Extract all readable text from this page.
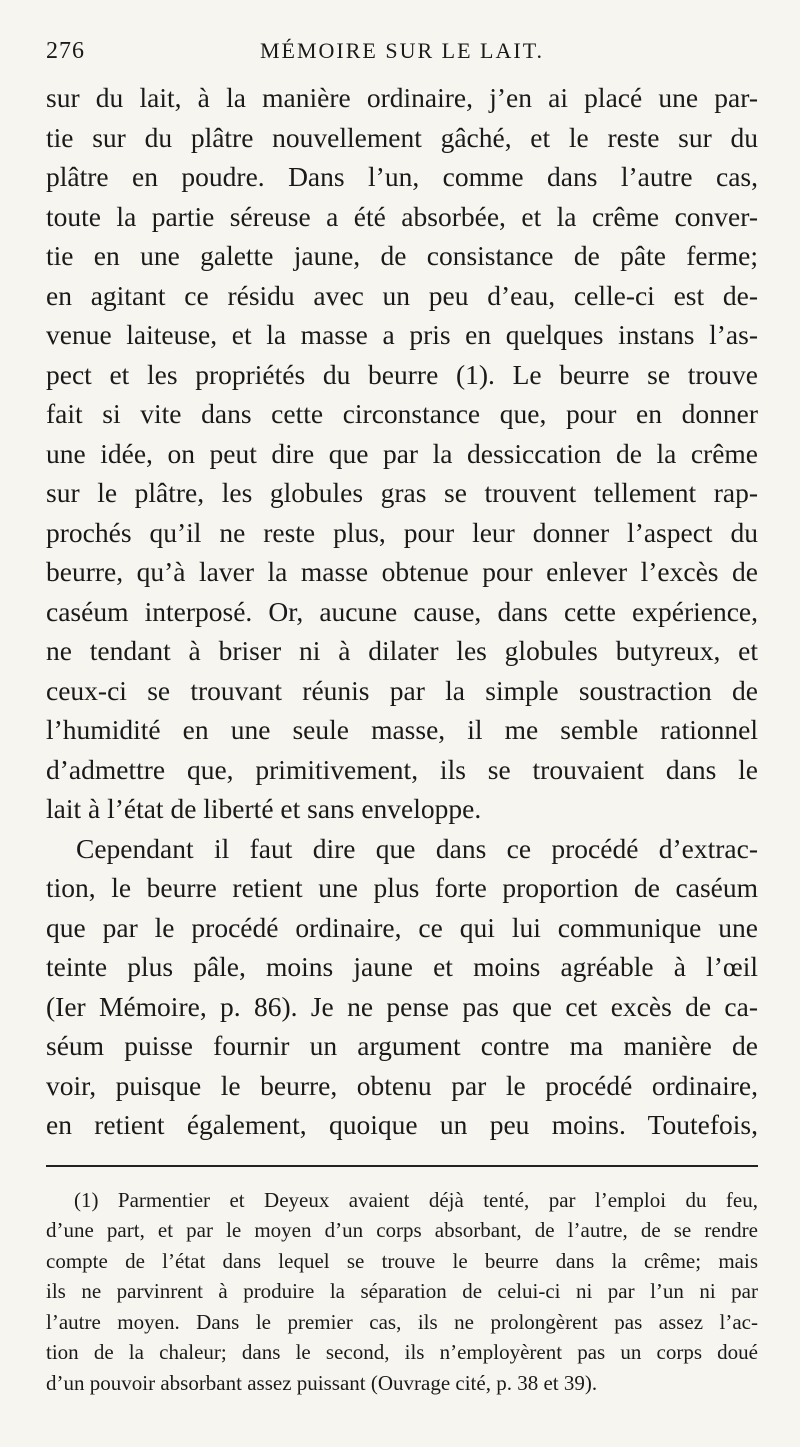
276	MÉMOIRE SUR LE LAIT.
sur du lait, à la manière ordinaire, j’en ai placé une par-
tie sur du plâtre nouvellement gâché, et le reste sur du
plâtre en poudre. Dans l’un, comme dans l’autre cas,
toute la partie séreuse a été absorbée, et la crême conver-
tie en une galette jaune, de consistance de pâte ferme;
en agitant ce résidu avec un peu d’eau, celle-ci est de-
venue laiteuse, et la masse a pris en quelques instans l’as-
pect et les propriétés du beurre (1). Le beurre se trouve
fait si vite dans cette circonstance que, pour en donner
une idée, on peut dire que par la dessiccation de la crême
sur le plâtre, les globules gras se trouvent tellement rap-
prochés qu’il ne reste plus, pour leur donner l’aspect du
beurre, qu’à laver la masse obtenue pour enlever l’excès de
caséum interposé. Or, aucune cause, dans cette expérience,
ne tendant à briser ni à dilater les globules butyreux, et
ceux-ci se trouvant réunis par la simple soustraction de
l’humidité en une seule masse, il me semble rationnel
d’admettre que, primitivement, ils se trouvaient dans le
lait à l’état de liberté et sans enveloppe.
Cependant il faut dire que dans ce procédé d’extrac-
tion, le beurre retient une plus forte proportion de caséum
que par le procédé ordinaire, ce qui lui communique une
teinte plus pâle, moins jaune et moins agréable à l’œil
(Ier Mémoire, p. 86). Je ne pense pas que cet excès de ca-
séum puisse fournir un argument contre ma manière de
voir, puisque le beurre, obtenu par le procédé ordinaire,
en retient également, quoique un peu moins. Toutefois,
(1) Parmentier et Deyeux avaient déjà tenté, par l’emploi du feu,
d’une part, et par le moyen d’un corps absorbant, de l’autre, de se rendre
compte de l’état dans lequel se trouve le beurre dans la crême; mais
ils ne parvinrent à produire la séparation de celui-ci ni par l’un ni par
l’autre moyen. Dans le premier cas, ils ne prolongèrent pas assez l’ac-
tion de la chaleur; dans le second, ils n’employèrent pas un corps doué
d’un pouvoir absorbant assez puissant (Ouvrage cité, p. 38 et 39).
